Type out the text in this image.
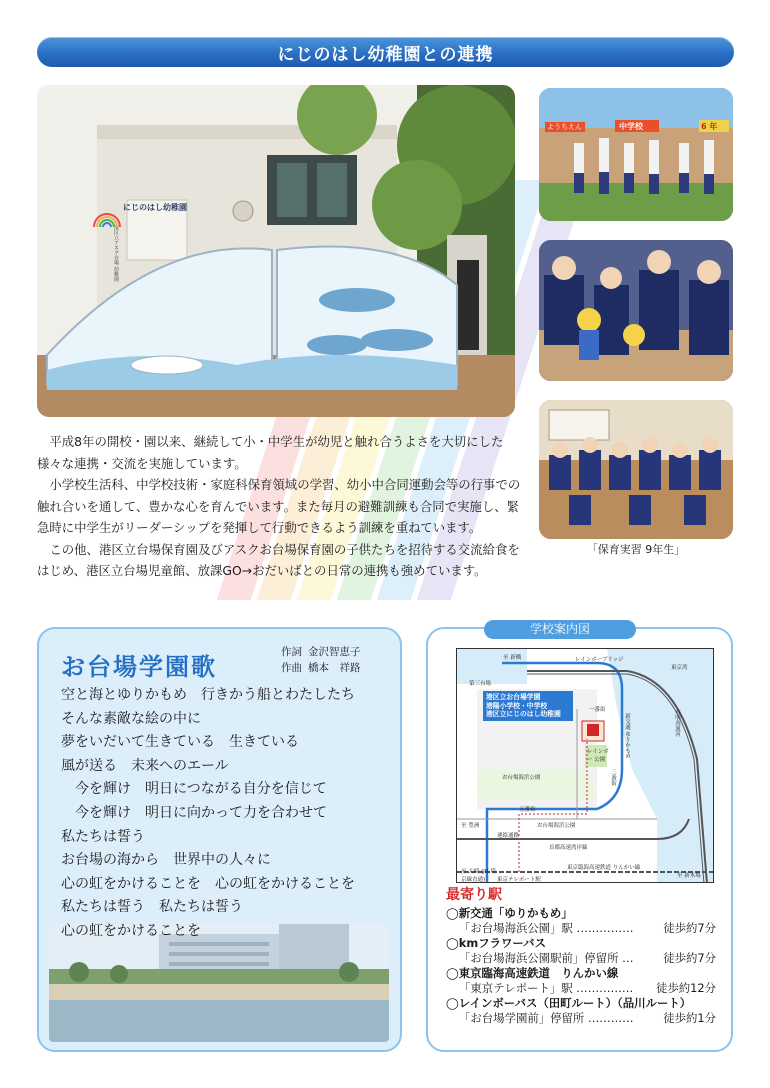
にじのはし幼稚園との連携
にじのはし幼稚園
港区立アスク台場 幼稚園
ようちえん	中学校	6 年
「保育実習 9年生」

平成8年の開校・園以来、継続して小・中学生が幼児と触れ合うよさを大切にした様々な連携・交流を実施しています。

小学校生活科、中学校技術・家庭科保育領域の学習、幼小中合同運動会等の行事での触れ合いを通して、豊かな心を育んでいます。また毎月の避難訓練も合同で実施し、緊急時に中学生がリーダーシップを発揮して行動できるよう訓練を重ねています。

この他、港区立台場保育園及びアスクお台場保育園の子供たちを招待する交流給食をはじめ、港区立台場児童館、放課GO→おだいばとの日常の連携も強めています。

お台場学園歌
作詞 金沢智恵子
作曲 橋本　祥路
空と海とゆりかもめ　行きかう船とわたしたち
そんな素敵な絵の中に
夢をいだいて生きている　生きている
風が送る　未来へのエール
今を輝け　明日につながる自分を信じて
今を輝け　明日に向かって力を合わせて
私たちは誓う
お台場の海から　世界中の人々に
心の虹をかけることを　心の虹をかけることを
私たちは誓う　私たちは誓う
心の虹をかけることを
学校案内図
港区立お台場学園
港陽小学校・中学校
港区立にじのはし幼稚園
至 新橋	レインボーブリッジ
東京湾
第三台場
一番街
新交通 ゆりかもめ	有明西運河
レインボー 公園
三番街
お台場海浜公園
五番街
至 豊洲
連絡通路
お台場海浜公園
首都高速湾岸線
東京臨海高速鉄道 りんかい線
至 大崎 (JR 埼京線直通)	東京テレポート駅
至 新木場
最寄り駅
◯新交通「ゆりかもめ」
「お台場海浜公園」駅 ……………	徒歩約7分
◯kmフラワーバス
「お台場海浜公園駅前」停留所 …	徒歩約7分
◯東京臨海高速鉄道　りんかい線
「東京テレポート」駅 …………… 徒歩約12分
◯レインボーバス（田町ルート）（品川ルート）
「お台場学園前」停留所 …………	徒歩約1分
